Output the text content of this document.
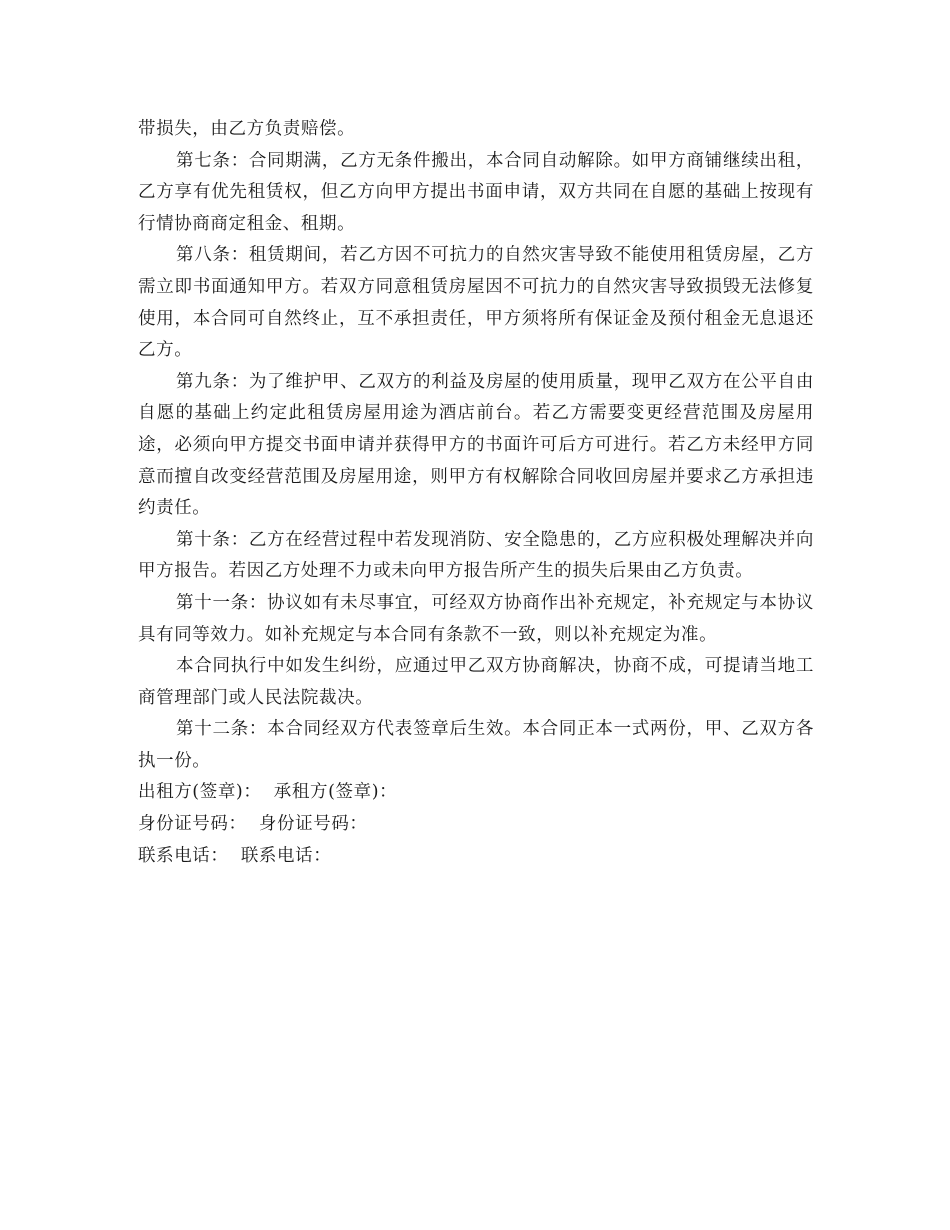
带损失，由乙方负责赔偿。

第七条：合同期满，乙方无条件搬出，本合同自动解除。如甲方商铺继续出租，乙方享有优先租赁权，但乙方向甲方提出书面申请，双方共同在自愿的基础上按现有行情协商商定租金、租期。

第八条：租赁期间，若乙方因不可抗力的自然灾害导致不能使用租赁房屋，乙方需立即书面通知甲方。若双方同意租赁房屋因不可抗力的自然灾害导致损毁无法修复使用，本合同可自然终止，互不承担责任，甲方须将所有保证金及预付租金无息退还乙方。

第九条：为了维护甲、乙双方的利益及房屋的使用质量，现甲乙双方在公平自由自愿的基础上约定此租赁房屋用途为酒店前台。若乙方需要变更经营范围及房屋用途，必须向甲方提交书面申请并获得甲方的书面许可后方可进行。若乙方未经甲方同意而擅自改变经营范围及房屋用途，则甲方有权解除合同收回房屋并要求乙方承担违约责任。

第十条：乙方在经营过程中若发现消防、安全隐患的，乙方应积极处理解决并向甲方报告。若因乙方处理不力或未向甲方报告所产生的损失后果由乙方负责。

第十一条：协议如有未尽事宜，可经双方协商作出补充规定，补充规定与本协议具有同等效力。如补充规定与本合同有条款不一致，则以补充规定为准。

本合同执行中如发生纠纷，应通过甲乙双方协商解决，协商不成，可提请当地工商管理部门或人民法院裁决。

第十二条：本合同经双方代表签章后生效。本合同正本一式两份，甲、乙双方各执一份。

出租方(签章)：  承租方(签章)：

身份证号码：  身份证号码：

联系电话：  联系电话：
